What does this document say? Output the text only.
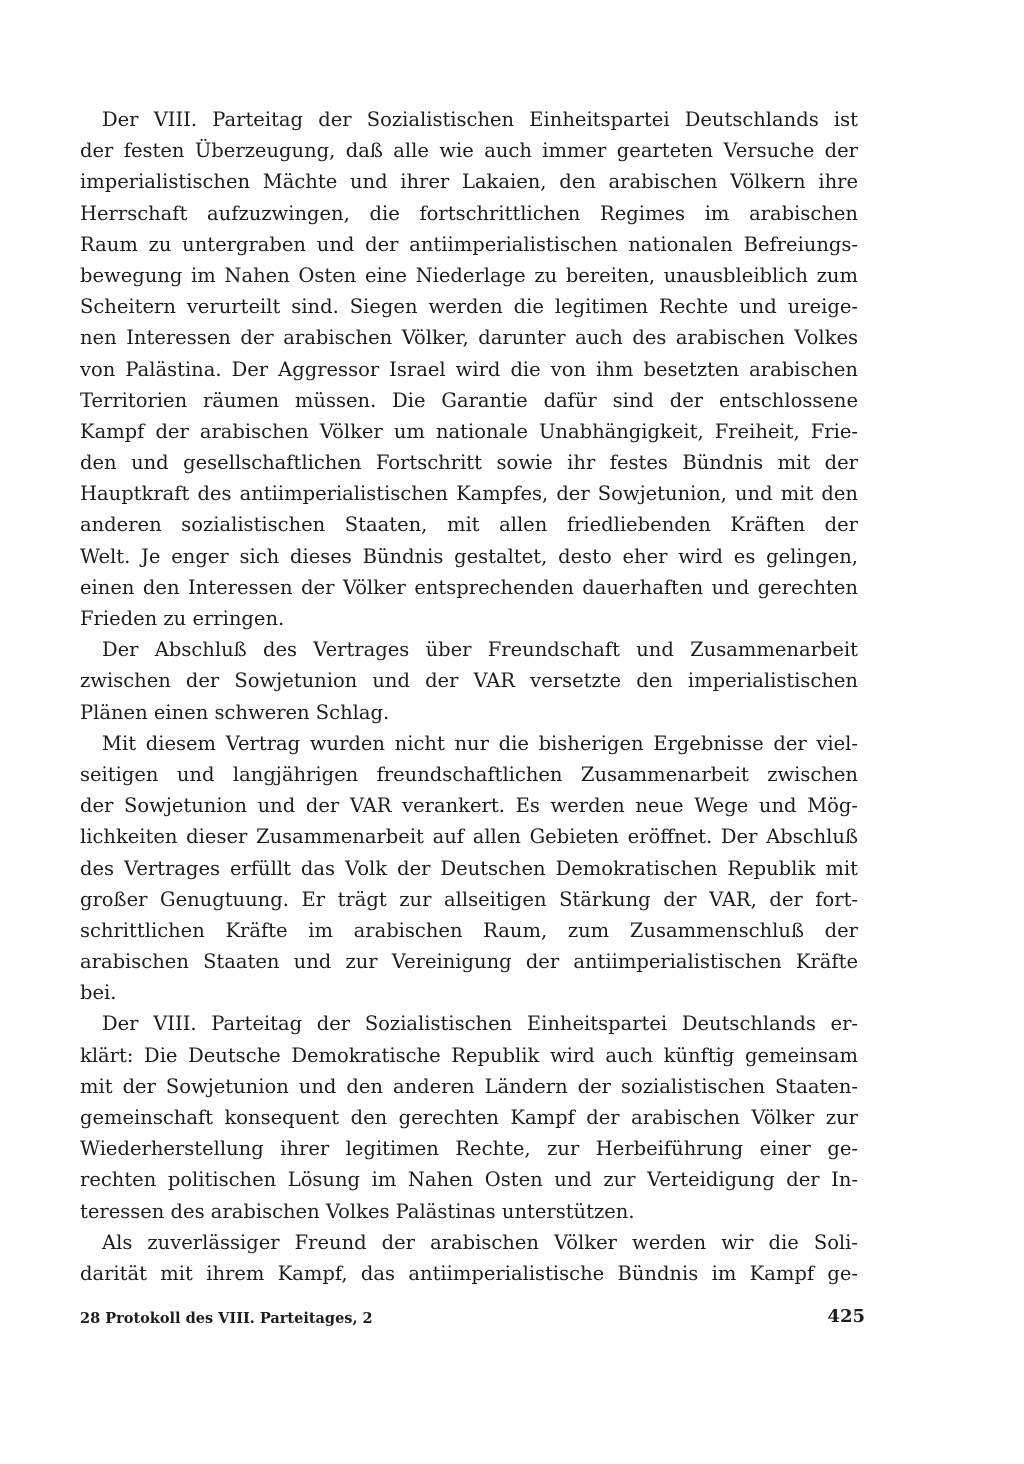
Der VIII. Parteitag der Sozialistischen Einheitspartei Deutschlands ist
der festen Überzeugung, daß alle wie auch immer gearteten Versuche der
imperialistischen Mächte und ihrer Lakaien, den arabischen Völkern ihre
Herrschaft aufzuzwingen, die fortschrittlichen Regimes im arabischen
Raum zu untergraben und der antiimperialistischen nationalen Befreiungs-
bewegung im Nahen Osten eine Niederlage zu bereiten, unausbleiblich zum
Scheitern verurteilt sind. Siegen werden die legitimen Rechte und ureige-
nen Interessen der arabischen Völker, darunter auch des arabischen Volkes
von Palästina. Der Aggressor Israel wird die von ihm besetzten arabischen
Territorien räumen müssen. Die Garantie dafür sind der entschlossene
Kampf der arabischen Völker um nationale Unabhängigkeit, Freiheit, Frie-
den und gesellschaftlichen Fortschritt sowie ihr festes Bündnis mit der
Hauptkraft des antiimperialistischen Kampfes, der Sowjetunion, und mit den
anderen sozialistischen Staaten, mit allen friedliebenden Kräften der
Welt. Je enger sich dieses Bündnis gestaltet, desto eher wird es gelingen,
einen den Interessen der Völker entsprechenden dauerhaften und gerechten
Frieden zu erringen.
Der Abschluß des Vertrages über Freundschaft und Zusammenarbeit
zwischen der Sowjetunion und der VAR versetzte den imperialistischen
Plänen einen schweren Schlag.
Mit diesem Vertrag wurden nicht nur die bisherigen Ergebnisse der viel-
seitigen und langjährigen freundschaftlichen Zusammenarbeit zwischen
der Sowjetunion und der VAR verankert. Es werden neue Wege und Mög-
lichkeiten dieser Zusammenarbeit auf allen Gebieten eröffnet. Der Abschluß
des Vertrages erfüllt das Volk der Deutschen Demokratischen Republik mit
großer Genugtuung. Er trägt zur allseitigen Stärkung der VAR, der fort-
schrittlichen Kräfte im arabischen Raum, zum Zusammenschluß der
arabischen Staaten und zur Vereinigung der antiimperialistischen Kräfte
bei.
Der VIII. Parteitag der Sozialistischen Einheitspartei Deutschlands er-
klärt: Die Deutsche Demokratische Republik wird auch künftig gemeinsam
mit der Sowjetunion und den anderen Ländern der sozialistischen Staaten-
gemeinschaft konsequent den gerechten Kampf der arabischen Völker zur
Wiederherstellung ihrer legitimen Rechte, zur Herbeiführung einer ge-
rechten politischen Lösung im Nahen Osten und zur Verteidigung der In-
teressen des arabischen Volkes Palästinas unterstützen.
Als zuverlässiger Freund der arabischen Völker werden wir die Soli-
darität mit ihrem Kampf, das antiimperialistische Bündnis im Kampf ge-
28 Protokoll des VIII. Parteitages, 2	425
